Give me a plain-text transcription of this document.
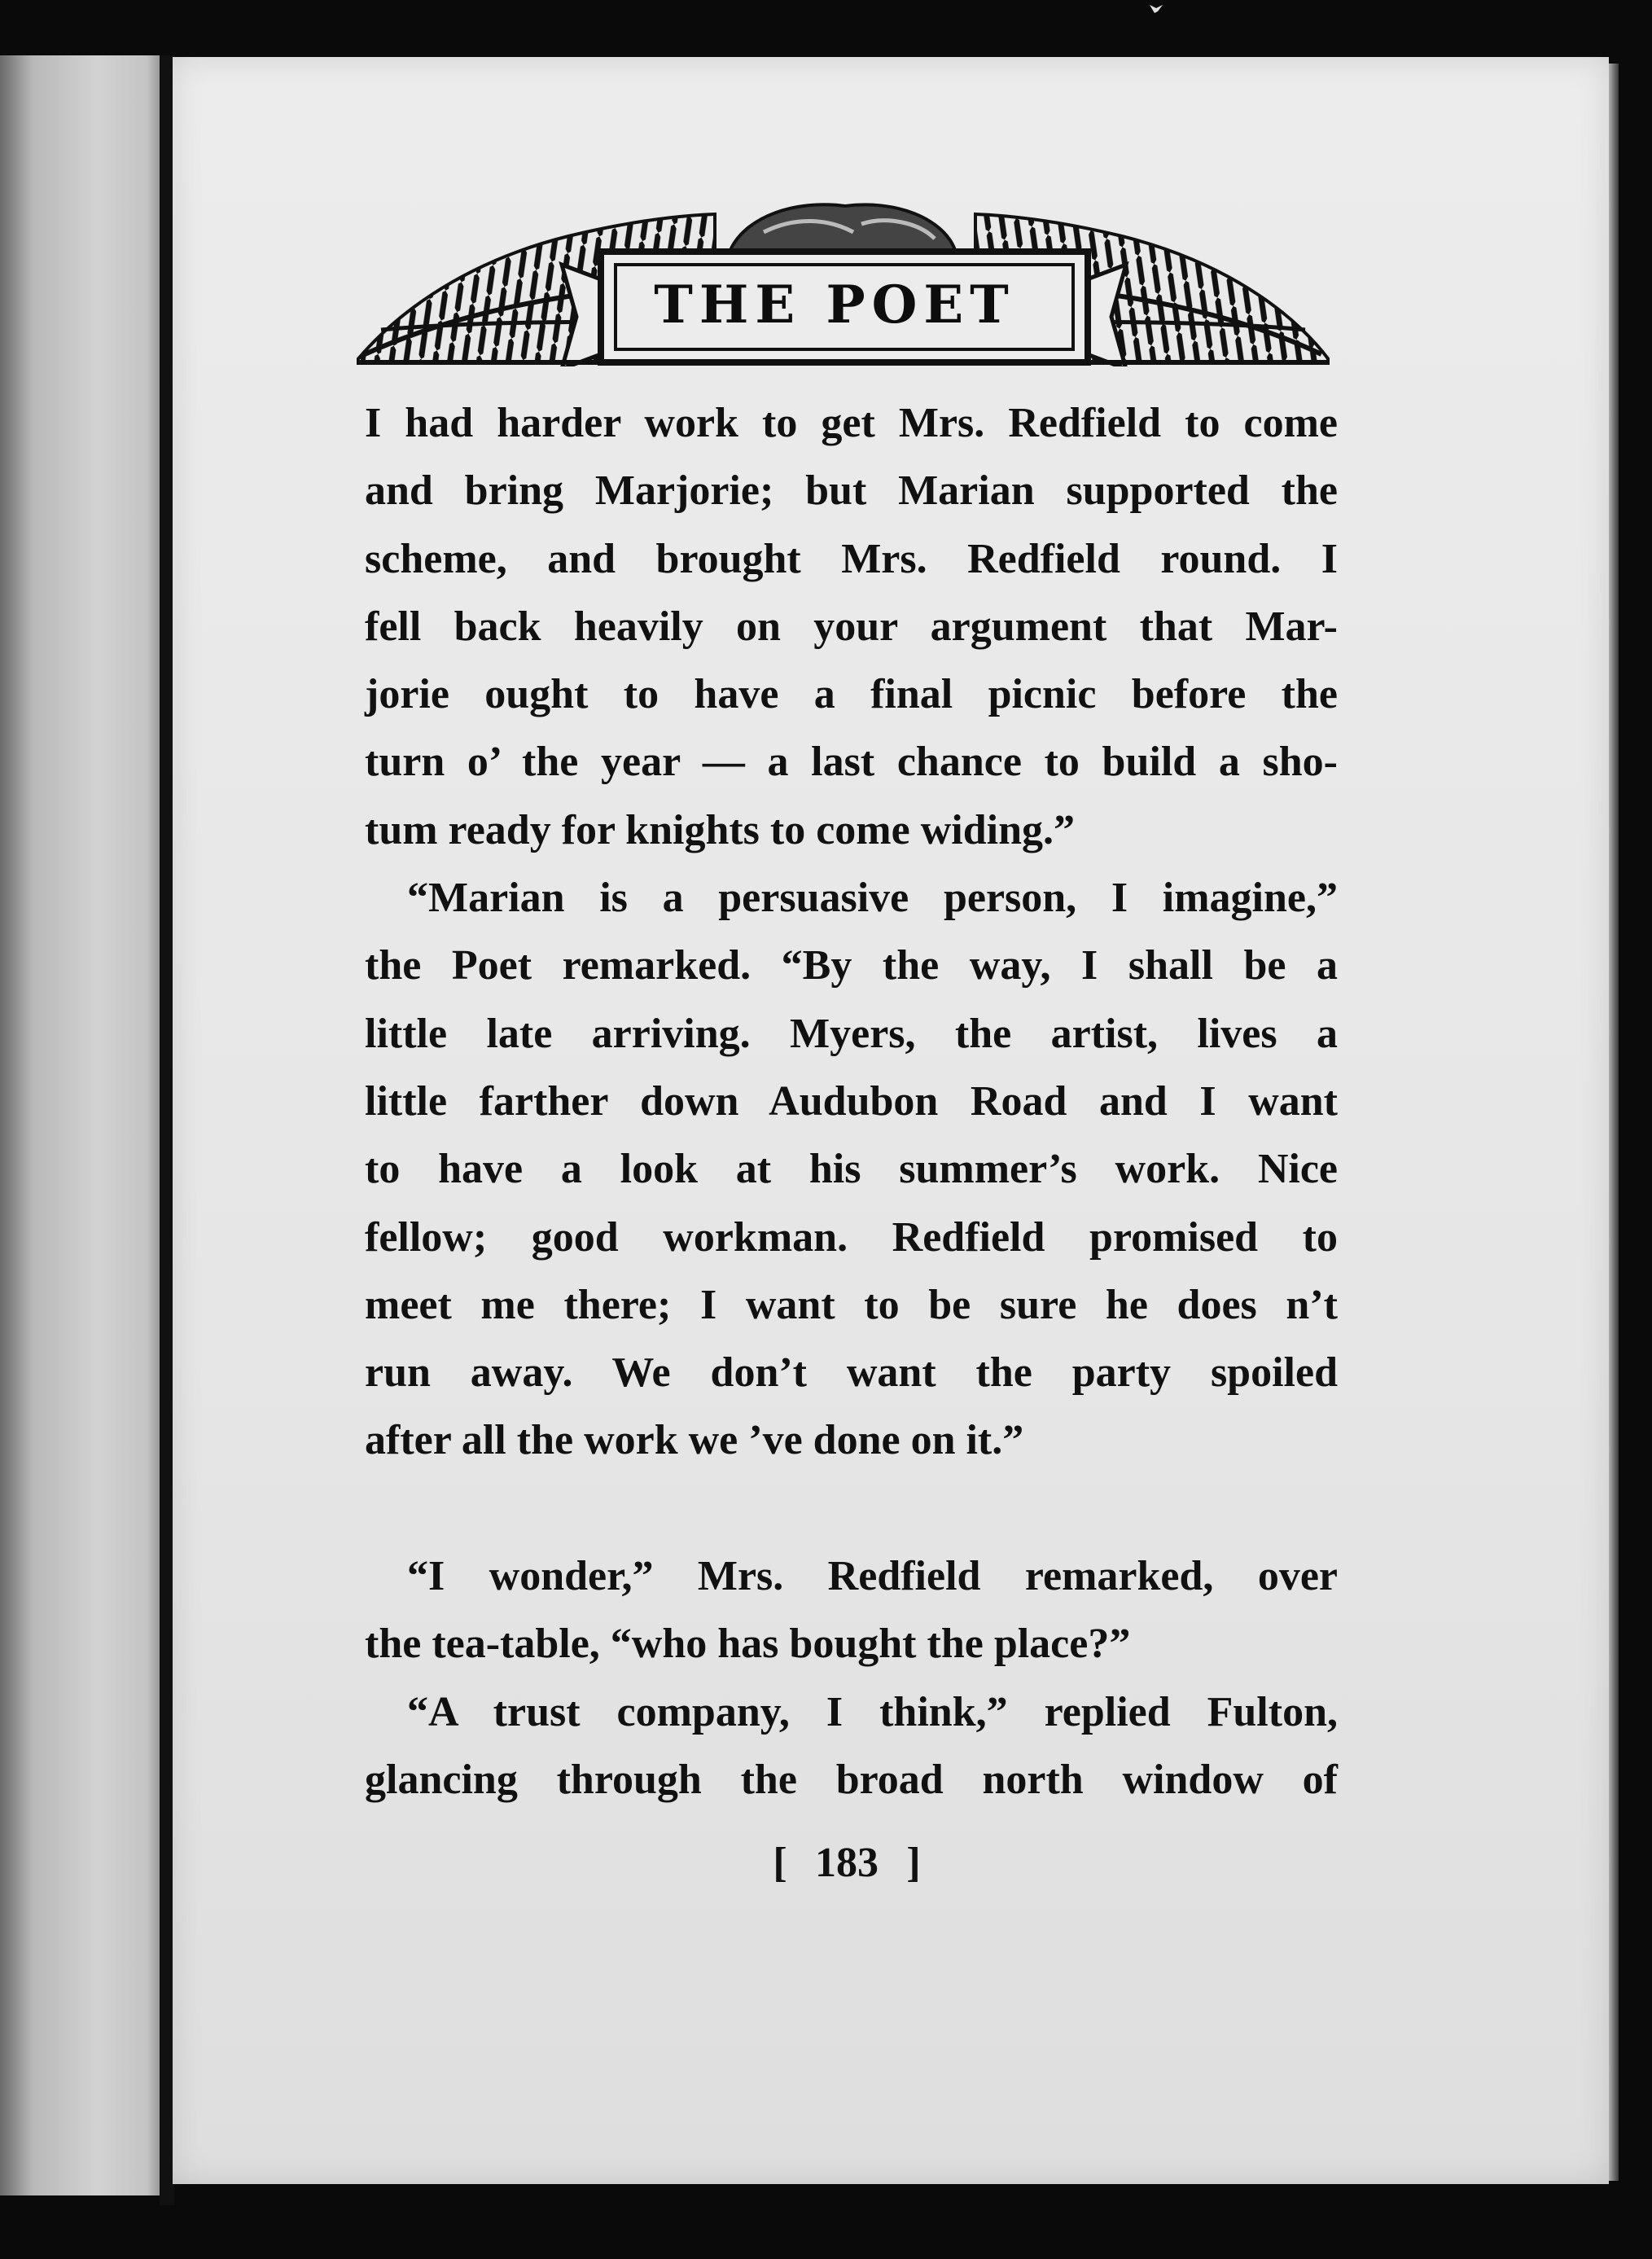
THE POET
I had harder work to get Mrs. Redfield to come
and bring Marjorie; but Marian supported the
scheme, and brought Mrs. Redfield round. I
fell back heavily on your argument that Mar-
jorie ought to have a final picnic before the
turn o’ the year — a last chance to build a sho-
tum ready for knights to come widing.”
“Marian is a persuasive person, I imagine,”
the Poet remarked. “By the way, I shall be a
little late arriving. Myers, the artist, lives a
little farther down Audubon Road and I want
to have a look at his summer’s work. Nice
fellow; good workman. Redfield promised to
meet me there; I want to be sure he does n’t
run away. We don’t want the party spoiled
after all the work we ’ve done on it.”
“I wonder,” Mrs. Redfield remarked, over
the tea-table, “who has bought the place?”
“A trust company, I think,” replied Fulton,
glancing through the broad north window of
[ 183 ]
